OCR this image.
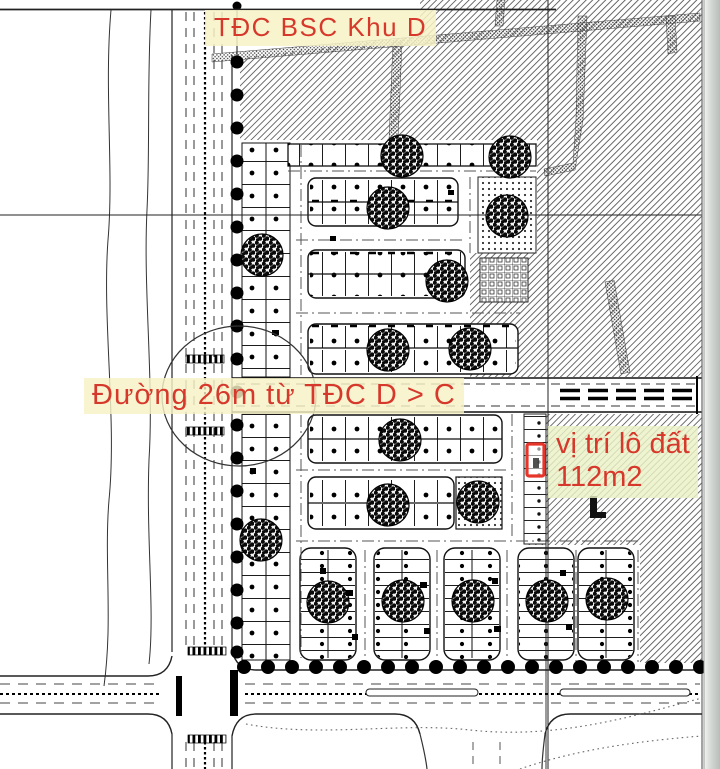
TĐC BSC Khu D
Đường 26m từ TĐC D > C
vị trí lô đất
112m2
